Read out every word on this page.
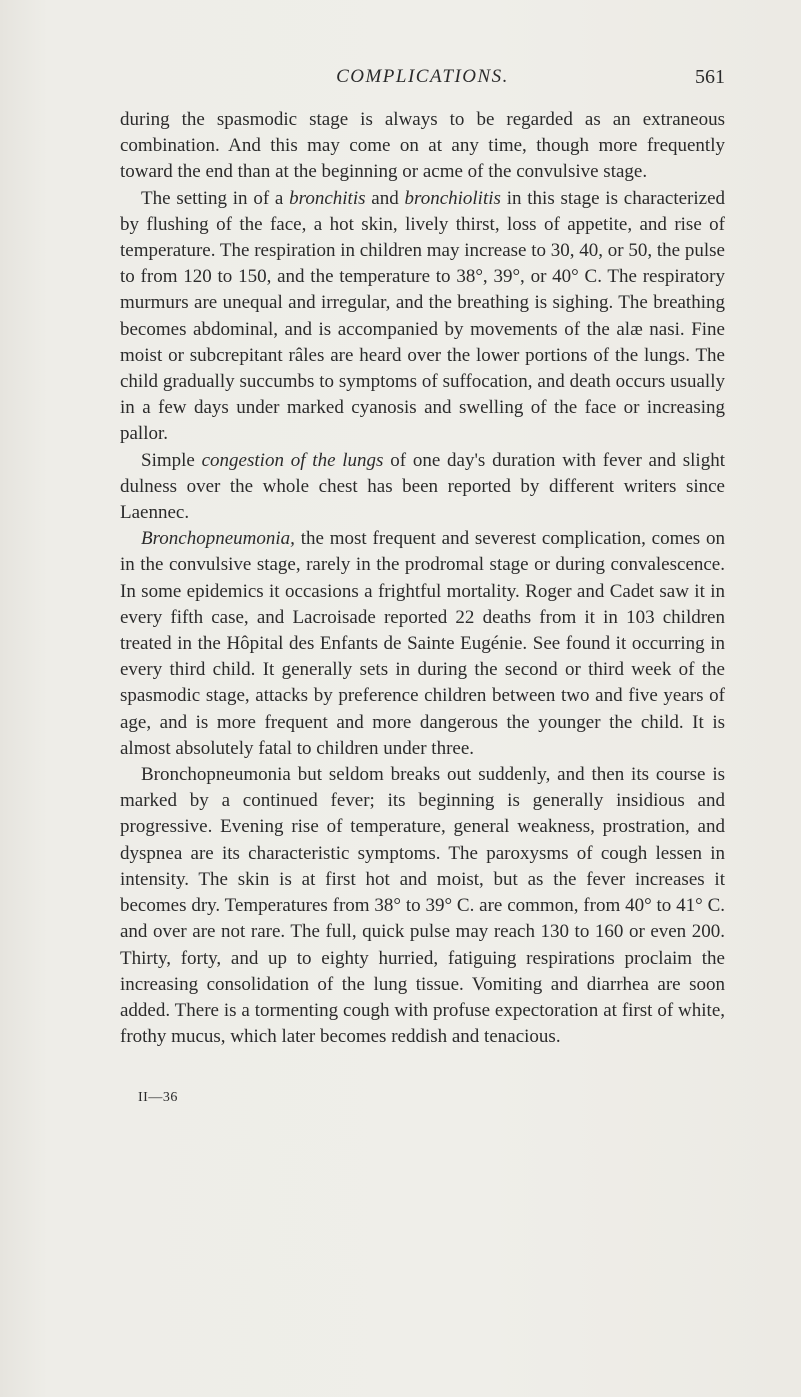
COMPLICATIONS.	561

during the spasmodic stage is always to be regarded as an extraneous combination. And this may come on at any time, though more frequently toward the end than at the beginning or acme of the convulsive stage.

The setting in of a bronchitis and bronchiolitis in this stage is characterized by flushing of the face, a hot skin, lively thirst, loss of appetite, and rise of temperature. The respiration in children may increase to 30, 40, or 50, the pulse to from 120 to 150, and the temperature to 38°, 39°, or 40° C. The respiratory murmurs are unequal and irregular, and the breathing is sighing. The breathing becomes abdominal, and is accompanied by movements of the alæ nasi. Fine moist or subcrepitant râles are heard over the lower portions of the lungs. The child gradually succumbs to symptoms of suffocation, and death occurs usually in a few days under marked cyanosis and swelling of the face or increasing pallor.

Simple congestion of the lungs of one day's duration with fever and slight dulness over the whole chest has been reported by different writers since Laennec.

Bronchopneumonia, the most frequent and severest complication, comes on in the convulsive stage, rarely in the prodromal stage or during convalescence. In some epidemics it occasions a frightful mortality. Roger and Cadet saw it in every fifth case, and Lacroisade reported 22 deaths from it in 103 children treated in the Hôpital des Enfants de Sainte Eugénie. See found it occurring in every third child. It generally sets in during the second or third week of the spasmodic stage, attacks by preference children between two and five years of age, and is more frequent and more dangerous the younger the child. It is almost absolutely fatal to children under three.

Bronchopneumonia but seldom breaks out suddenly, and then its course is marked by a continued fever; its beginning is generally insidious and progressive. Evening rise of temperature, general weakness, prostration, and dyspnea are its characteristic symptoms. The paroxysms of cough lessen in intensity. The skin is at first hot and moist, but as the fever increases it becomes dry. Temperatures from 38° to 39° C. are common, from 40° to 41° C. and over are not rare. The full, quick pulse may reach 130 to 160 or even 200. Thirty, forty, and up to eighty hurried, fatiguing respirations proclaim the increasing consolidation of the lung tissue. Vomiting and diarrhea are soon added. There is a tormenting cough with profuse expectoration at first of white, frothy mucus, which later becomes reddish and tenacious.

II—36
